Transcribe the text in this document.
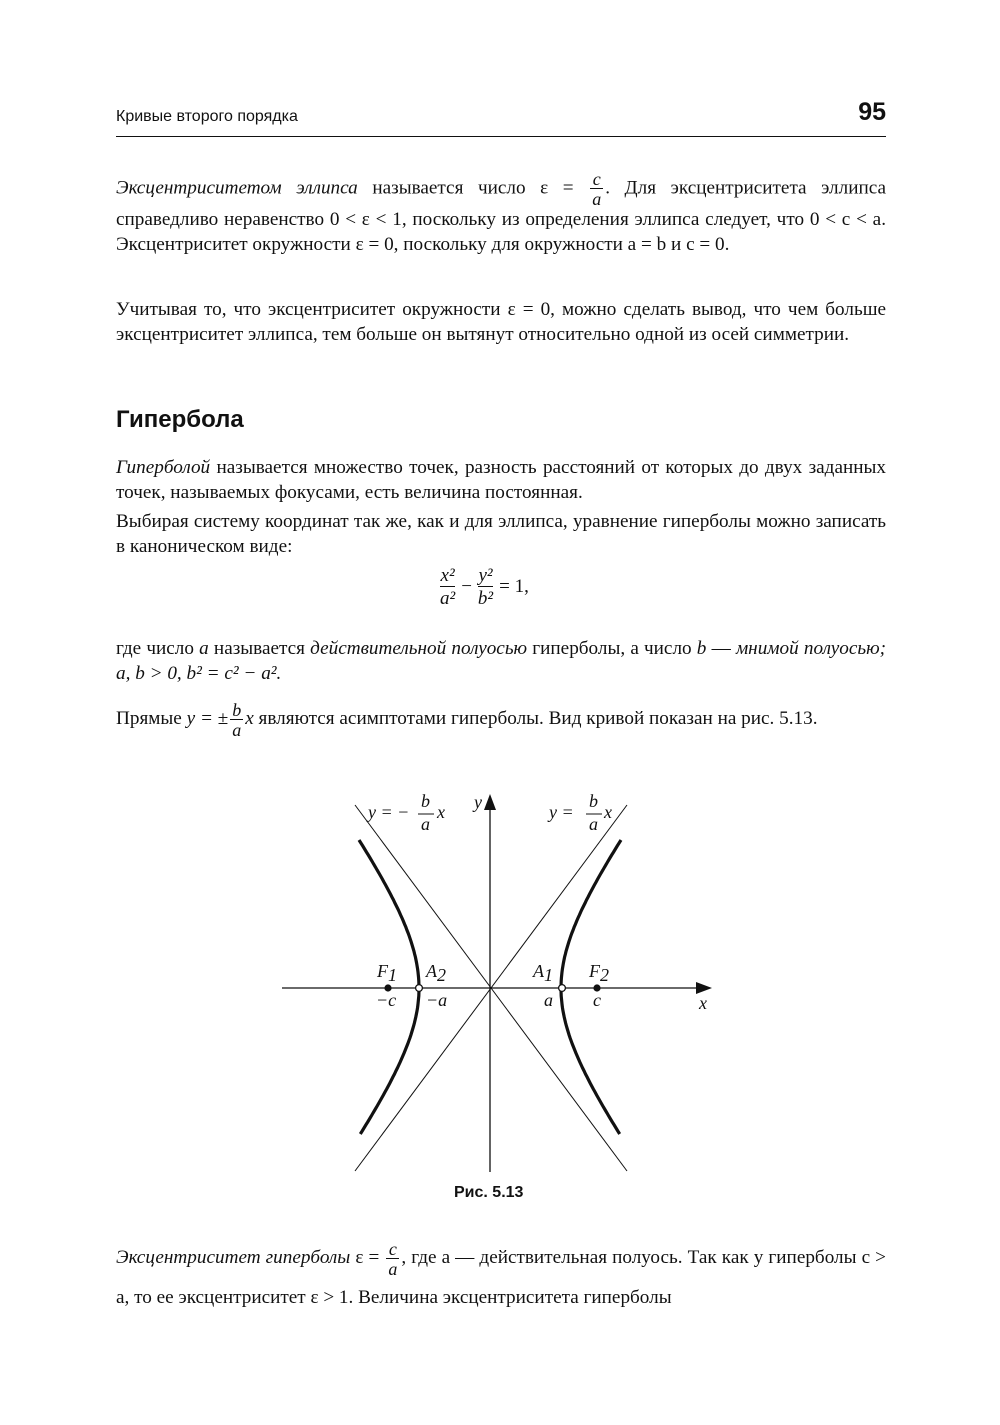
Кривые второго порядка	95

Эксцентриситетом эллипса называется число $\varepsilon = \frac{c}{a}$ . Для эксцентриситета эллипса справедливо неравенство 0 < ε < 1, поскольку из определения эллипса следует, что 0 < c < a. Эксцентриситет окружности ε = 0, поскольку для окружности a = b и c = 0.

Учитывая то, что эксцентриситет окружности ε = 0, можно сделать вывод, что чем больше эксцентриситет эллипса, тем больше он вытянут относительно одной из осей симметрии.

Гипербола

Гиперболой называется множество точек, разность расстояний от которых до двух заданных точек, называемых фокусами, есть величина постоянная.

Выбирая систему координат так же, как и для эллипса, уравнение гиперболы можно записать в каноническом виде:

$\frac{\text{x²}}{\text{a²}} - \frac{\text{y²}}{\text{b²}} = 1$,

где число a называется действительной полуосью гиперболы, а число b — мнимой полуосью; a, b > 0, b² = c² − a².

Прямые y = ± $\frac{b}{a}$ x являются асимптотами гиперболы. Вид кривой показан на рис. 5.13.

y
x
y = −
b
a
x	y =
b
a
x
F1 A2	A1 F2
−c −a	a c
Рис. 5.13

Эксцентриситет гиперболы $\varepsilon = \frac{c}{a}$ , где a — действительная полуось. Так как у гиперболы c > a, то ее эксцентриситет ε > 1. Величина эксцентриситета гиперболы
